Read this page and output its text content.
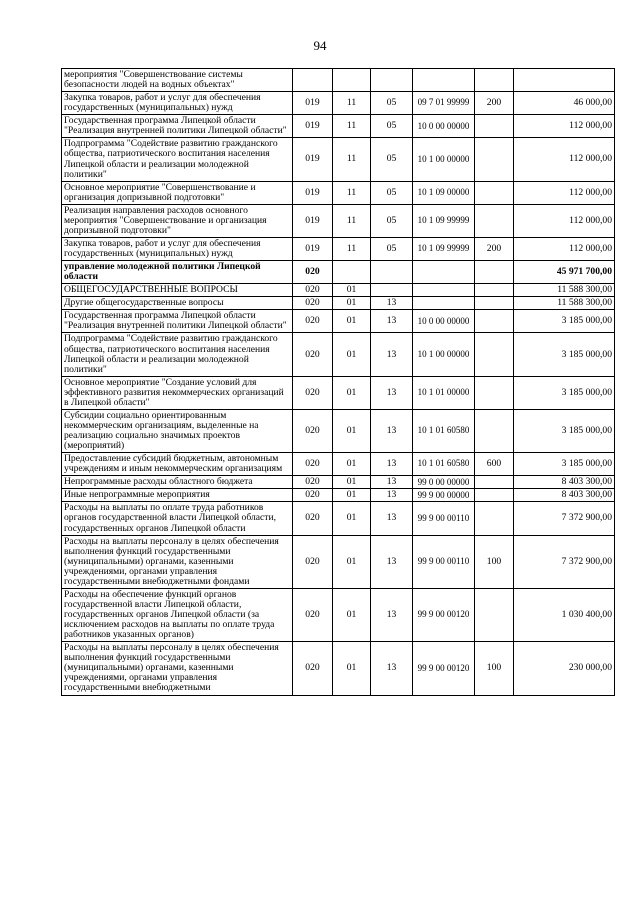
94
мероприятия "Совершенствование системы безопасности людей на водных объектах"						
Закупка товаров, работ и услуг для обеспечения государственных (муниципальных) нужд	019	11	05	09 7 01 99999	200	46 000,00
Государственная программа Липецкой области "Реализация внутренней политики Липецкой области"	019	11	05	10 0 00 00000		112 000,00
Подпрограмма "Содействие развитию гражданского общества, патриотического воспитания населения Липецкой области и реализации молодежной политики"	019	11	05	10 1 00 00000		112 000,00
Основное мероприятие "Совершенствование и организация допризывной подготовки"	019	11	05	10 1 09 00000		112 000,00
Реализация направления расходов основного мероприятия "Совершенствование и организация допризывной подготовки"	019	11	05	10 1 09 99999		112 000,00
Закупка товаров, работ и услуг для обеспечения государственных (муниципальных) нужд	019	11	05	10 1 09 99999	200	112 000,00
управление молодежной политики Липецкой области	020					45 971 700,00
ОБЩЕГОСУДАРСТВЕННЫЕ ВОПРОСЫ	020	01				11 588 300,00
Другие общегосударственные вопросы	020	01	13			11 588 300,00
Государственная программа Липецкой области "Реализация внутренней политики Липецкой области"	020	01	13	10 0 00 00000		3 185 000,00
Подпрограмма "Содействие развитию гражданского общества, патриотического воспитания населения Липецкой области и реализации молодежной политики"	020	01	13	10 1 00 00000		3 185 000,00
Основное мероприятие "Создание условий для эффективного развития некоммерческих организаций в Липецкой области"	020	01	13	10 1 01 00000		3 185 000,00
Субсидии социально ориентированным некоммерческим организациям, выделенные на реализацию социально значимых проектов (мероприятий)	020	01	13	10 1 01 60580		3 185 000,00
Предоставление субсидий бюджетным, автономным учреждениям и иным некоммерческим организациям	020	01	13	10 1 01 60580	600	3 185 000,00
Непрограммные расходы областного бюджета	020	01	13	99 0 00 00000		8 403 300,00
Иные непрограммные мероприятия	020	01	13	99 9 00 00000		8 403 300,00
Расходы на выплаты по оплате труда работников органов государственной власти Липецкой области, государственных органов Липецкой области	020	01	13	99 9 00 00110		7 372 900,00
Расходы на выплаты персоналу в целях обеспечения выполнения функций государственными (муниципальными) органами, казенными учреждениями, органами управления государственными внебюджетными фондами	020	01	13	99 9 00 00110	100	7 372 900,00
Расходы на обеспечение функций органов государственной власти Липецкой области, государственных органов Липецкой области (за исключением расходов на выплаты по оплате труда работников указанных органов)	020	01	13	99 9 00 00120		1 030 400,00
Расходы на выплаты персоналу в целях обеспечения выполнения функций государственными (муниципальными) органами, казенными учреждениями, органами управления государственными внебюджетными	020	01	13	99 9 00 00120	100	230 000,00
